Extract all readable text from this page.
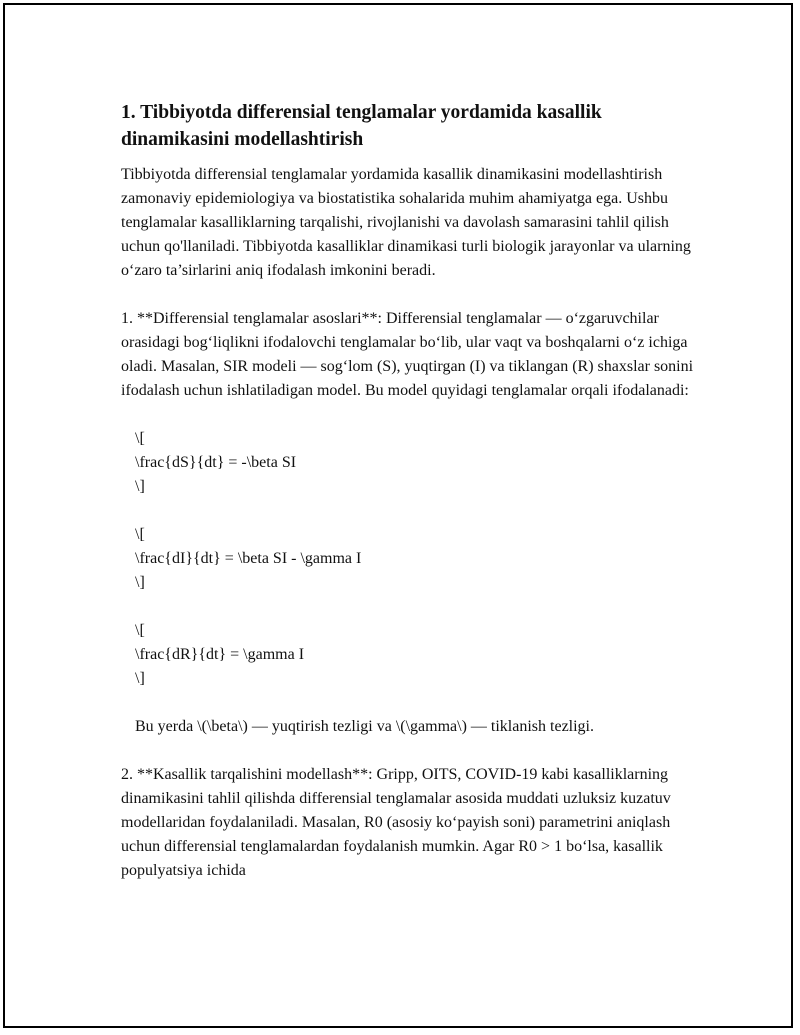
1. Tibbiyotda differensial tenglamalar yordamida kasallik dinamikasini modellashtirish

Tibbiyotda differensial tenglamalar yordamida kasallik dinamikasini modellashtirish zamonaviy epidemiologiya va biostatistika sohalarida muhim ahamiyatga ega. Ushbu tenglamalar kasalliklarning tarqalishi, rivojlanishi va davolash samarasini tahlil qilish uchun qo'llaniladi. Tibbiyotda kasalliklar dinamikasi turli biologik jarayonlar va ularning o‘zaro ta’sirlarini aniq ifodalash imkonini beradi.

1. **Differensial tenglamalar asoslari**: Differensial tenglamalar — o‘zgaruvchilar orasidagi bog‘liqlikni ifodalovchi tenglamalar bo‘lib, ular vaqt va boshqalarni o‘z ichiga oladi. Masalan, SIR modeli — sog‘lom (S), yuqtirgan (I) va tiklangan (R) shaxslar sonini ifodalash uchun ishlatiladigan model. Bu model quyidagi tenglamalar orqali ifodalanadi:

\[
\frac{dS}{dt} = -\beta SI
\]
\[
\frac{dI}{dt} = \beta SI - \gamma I
\]
\[
\frac{dR}{dt} = \gamma I
\]

Bu yerda \(\beta\) — yuqtirish tezligi va \(\gamma\) — tiklanish tezligi.

2. **Kasallik tarqalishini modellash**: Gripp, OITS, COVID-19 kabi kasalliklarning dinamikasini tahlil qilishda differensial tenglamalar asosida muddati uzluksiz kuzatuv modellaridan foydalaniladi. Masalan, R0 (asosiy ko‘payish soni) parametrini aniqlash uchun differensial tenglamalardan foydalanish mumkin. Agar R0 > 1 bo‘lsa, kasallik populyatsiya ichida
